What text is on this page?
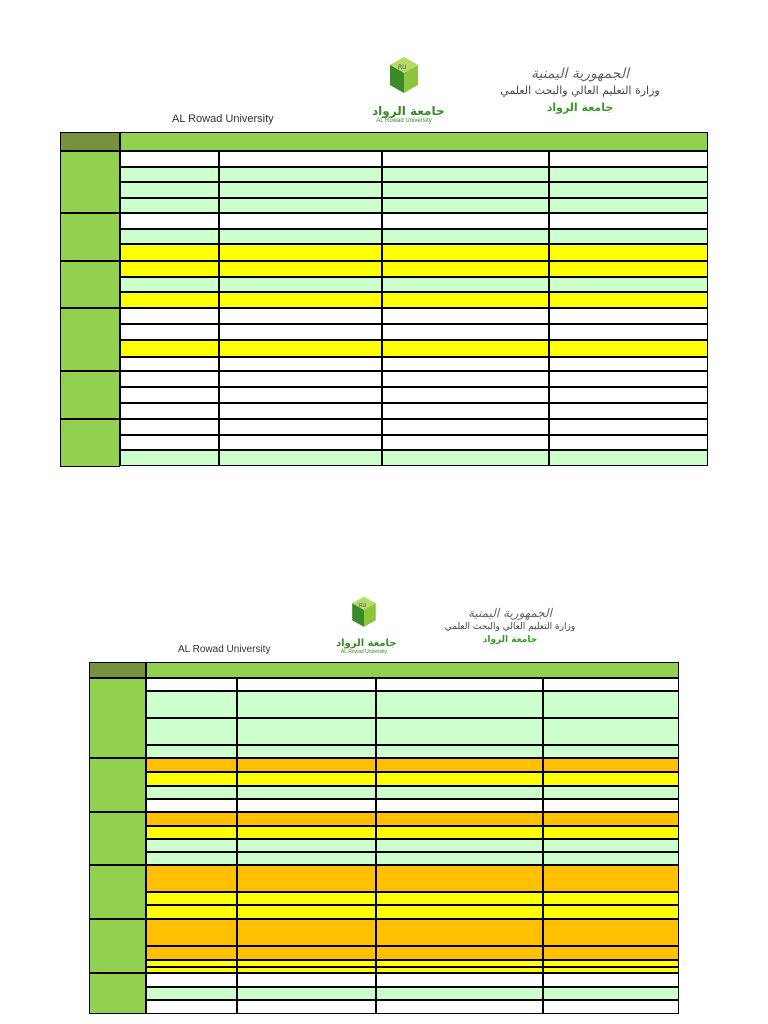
AL Rowad University
RU
جامعة الرواد
AL Rowad University
الجمهورية اليمنية
وزارة التعليم العالي والبحث العلمي
جامعة الرواد
AL Rowad University
RU
جامعة الرواد
AL Rowad University
الجمهورية اليمنية
وزارة التعليم العالي والبحث العلمي
جامعة الرواد
